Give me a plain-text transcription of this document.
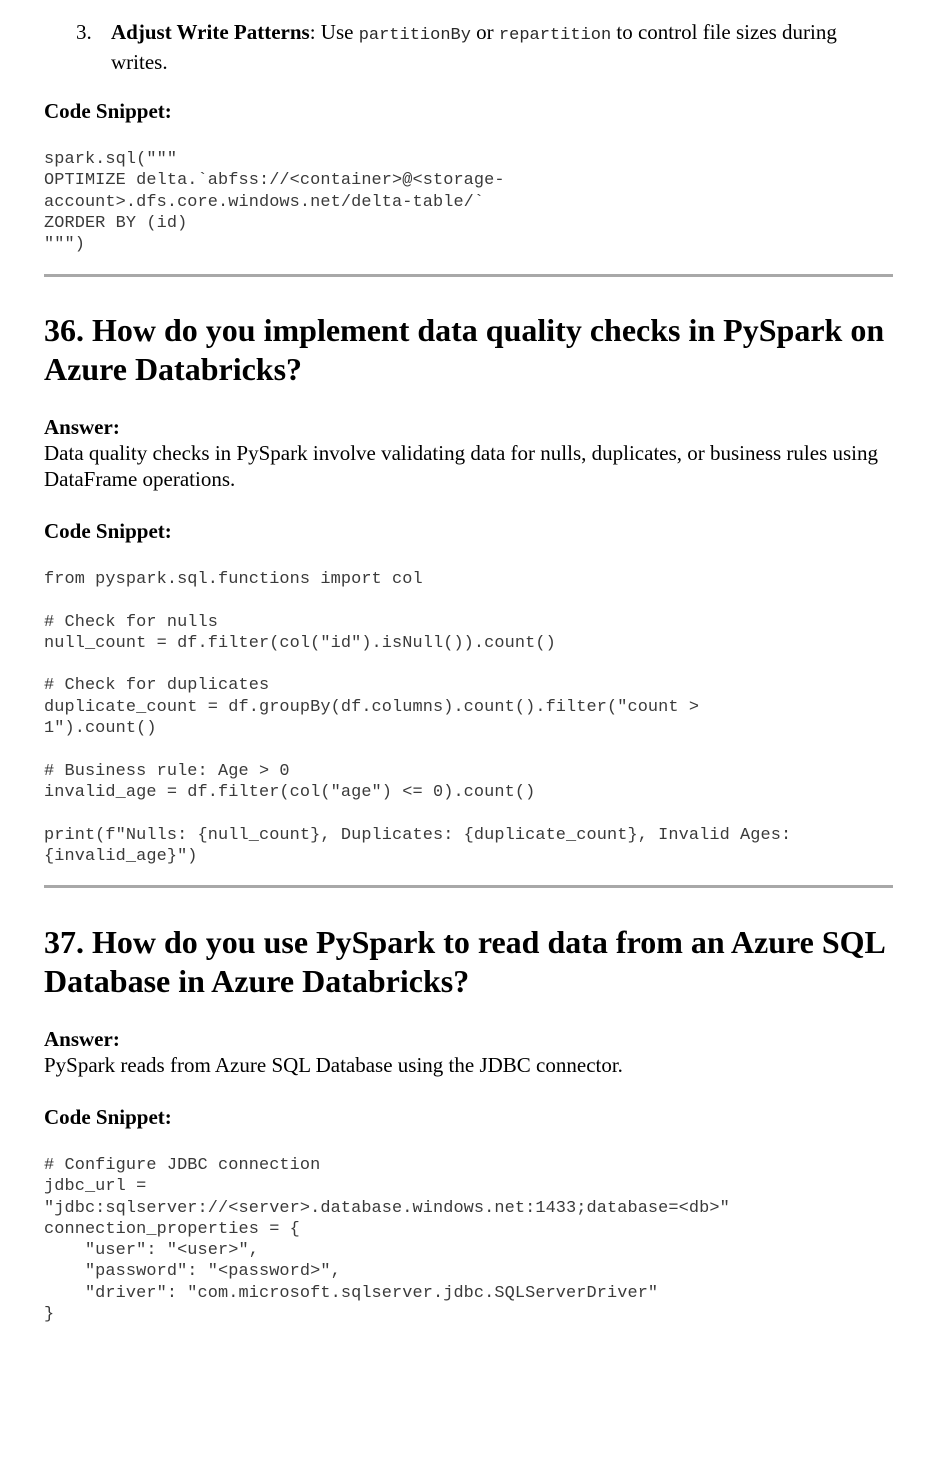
3. Adjust Write Patterns: Use partitionBy or repartition to control file sizes during writes.
Code Snippet:
spark.sql("""
OPTIMIZE delta.`abfss://<container>@<storage-
account>.dfs.core.windows.net/delta-table/`
ZORDER BY (id)
""")
36. How do you implement data quality checks in PySpark on Azure Databricks?
Answer:

Data quality checks in PySpark involve validating data for nulls, duplicates, or business rules using DataFrame operations.

Code Snippet:
from pyspark.sql.functions import col

# Check for nulls
null_count = df.filter(col("id").isNull()).count()

# Check for duplicates
duplicate_count = df.groupBy(df.columns).count().filter("count >
1").count()

# Business rule: Age > 0
invalid_age = df.filter(col("age") <= 0).count()

print(f"Nulls: {null_count}, Duplicates: {duplicate_count}, Invalid Ages:
{invalid_age}")
37. How do you use PySpark to read data from an Azure SQL Database in Azure Databricks?
Answer:

PySpark reads from Azure SQL Database using the JDBC connector.

Code Snippet:
# Configure JDBC connection
jdbc_url =
"jdbc:sqlserver://<server>.database.windows.net:1433;database=<db>"
connection_properties = {
"user": "<user>",
"password": "<password>",
"driver": "com.microsoft.sqlserver.jdbc.SQLServerDriver"
}
